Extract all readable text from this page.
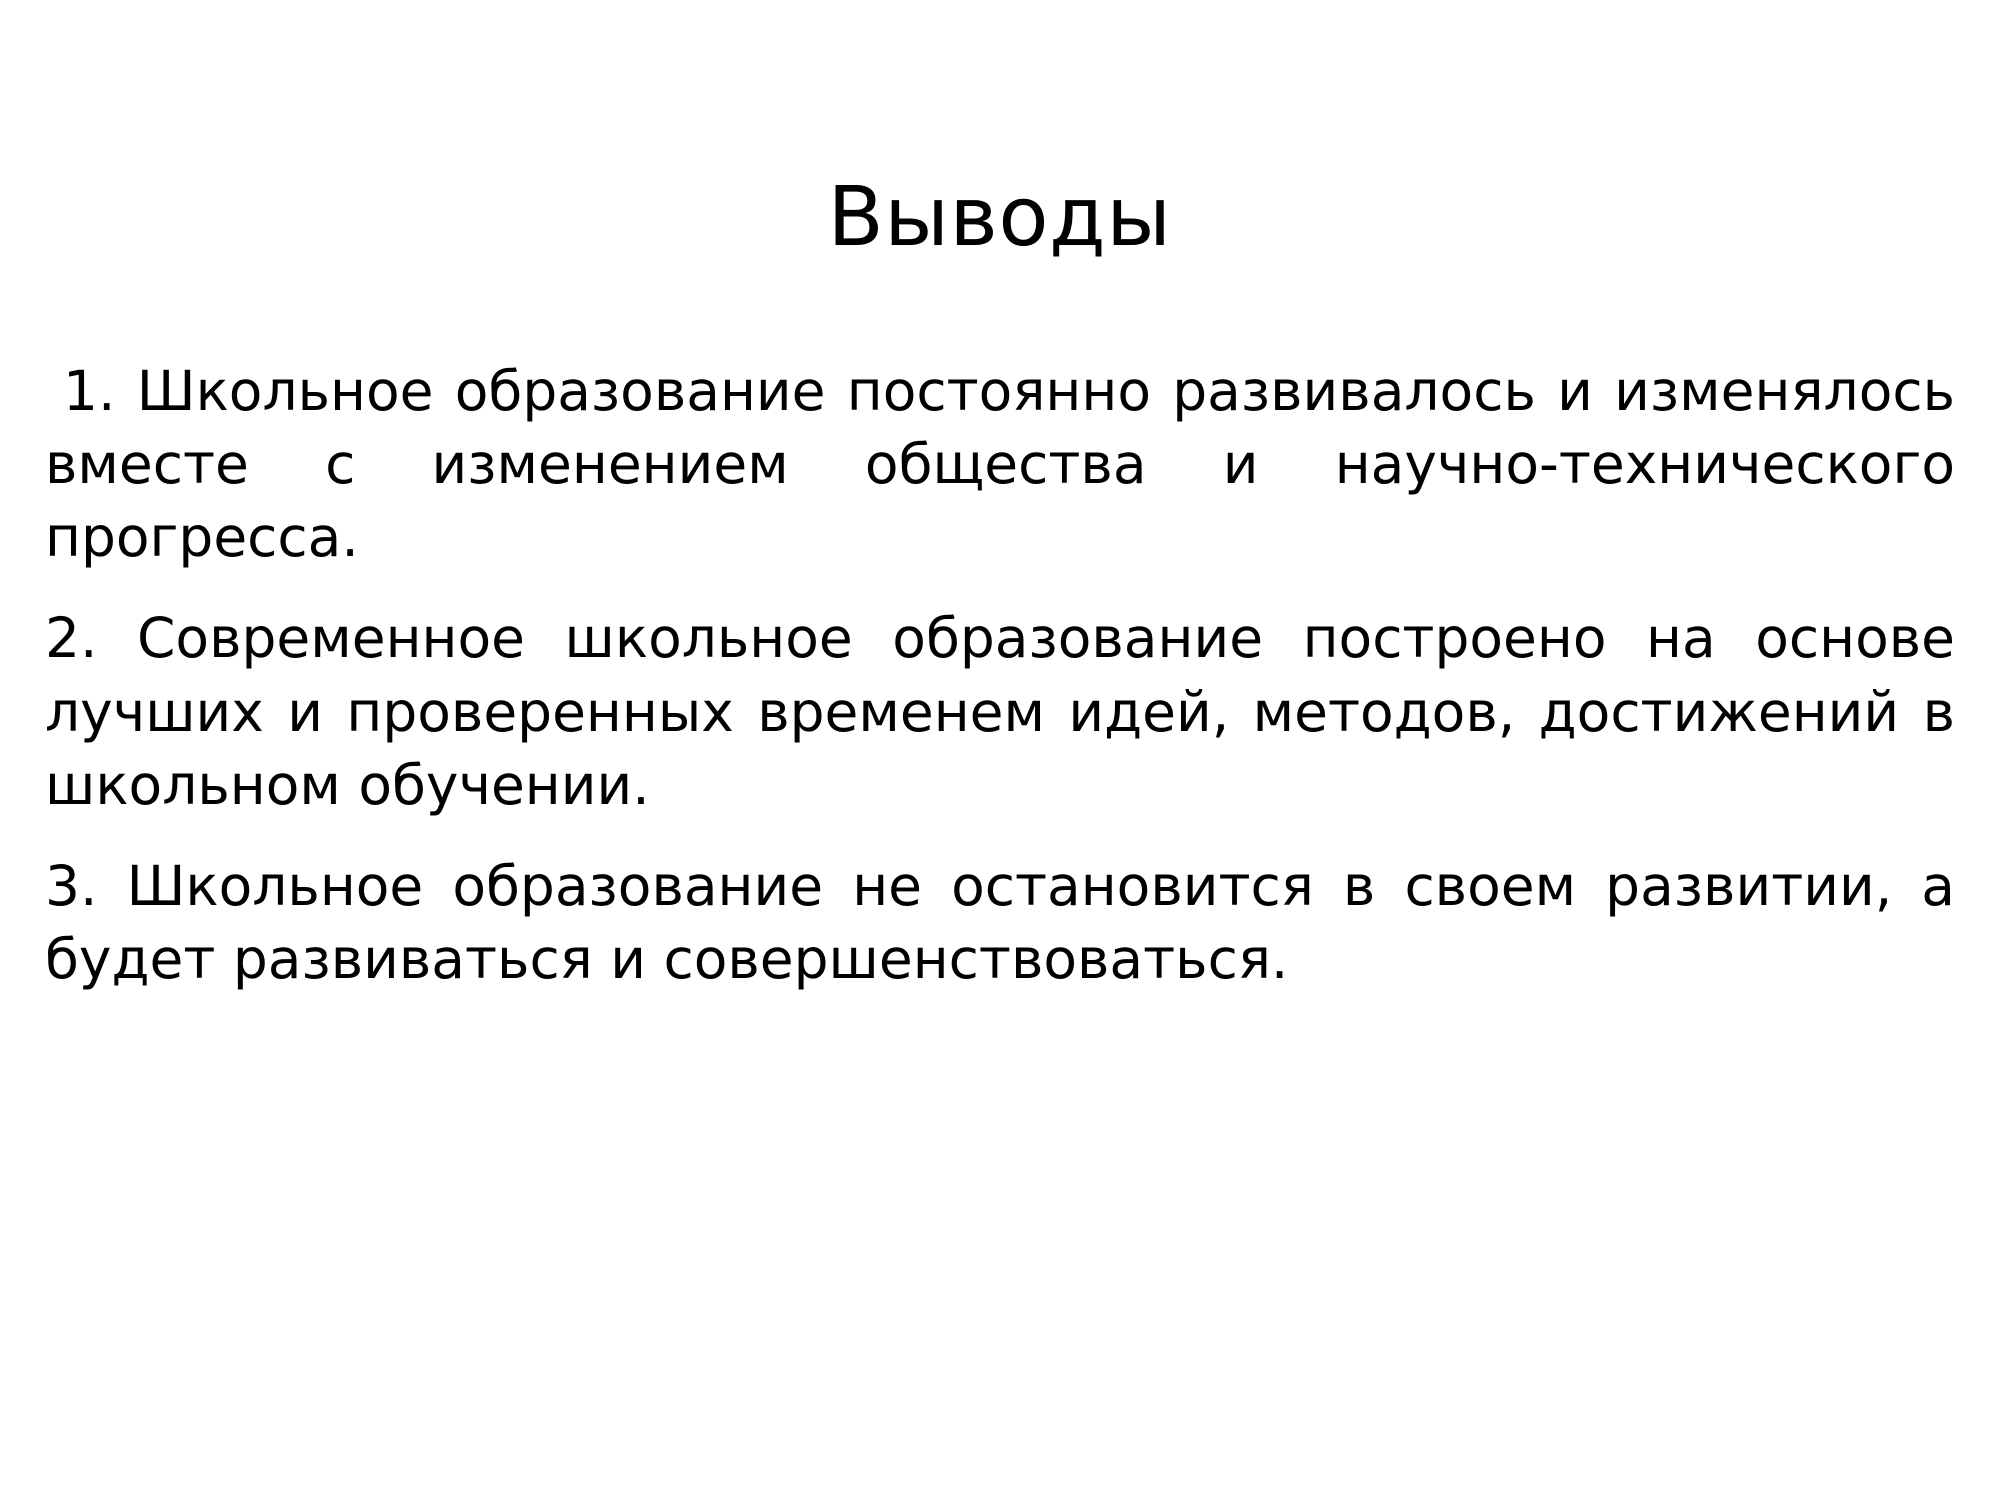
Выводы

1. Школьное образование постоянно развивалось и изменялось вместе с изменением общества и научно-технического прогресса.

2. Современное школьное образование построено на основе лучших и проверенных временем идей, методов, достижений в школьном обучении.

3. Школьное образование не остановится в своем развитии, а будет развиваться и совершенствоваться.
